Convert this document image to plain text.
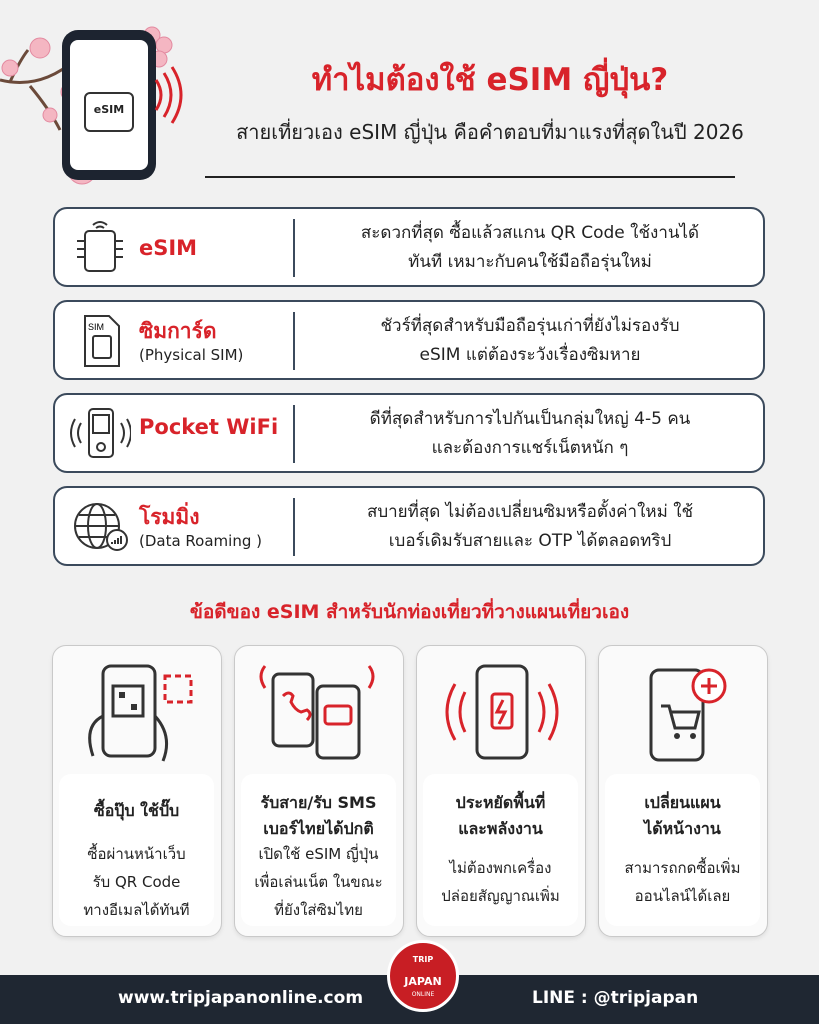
eSIM
ทำไมต้องใช้ eSIM ญี่ปุ่น?
สายเที่ยวเอง eSIM ญี่ปุ่น คือคำตอบที่มาแรงที่สุดในปี 2026
eSIM
สะดวกที่สุด ซื้อแล้วสแกน QR Code ใช้งานได้
ทันที เหมาะกับคนใช้มือถือรุ่นใหม่
SIM ซิมการ์ด
(Physical SIM)
ชัวร์ที่สุดสำหรับมือถือรุ่นเก่าที่ยังไม่รองรับ
eSIM แต่ต้องระวังเรื่องซิมหาย
Pocket WiFi	ดีที่สุดสำหรับการไปกันเป็นกลุ่มใหญ่ 4-5 คน
และต้องการแชร์เน็ตหนัก ๆ
โรมมิ่ง
(Data Roaming )
สบายที่สุด ไม่ต้องเปลี่ยนซิมหรือตั้งค่าใหม่ ใช้
เบอร์เดิมรับสายและ OTP ได้ตลอดทริป
ข้อดีของ eSIM สำหรับนักท่องเที่ยวที่วางแผนเที่ยวเอง
ซื้อปุ๊บ ใช้ปั๊บ
ซื้อผ่านหน้าเว็บ
รับ QR Code
ทางอีเมลได้ทันที
รับสาย/รับ SMS
เบอร์ไทยได้ปกติ
เปิดใช้ eSIM ญี่ปุ่น
เพื่อเล่นเน็ต ในขณะ
ที่ยังใส่ซิมไทย
ประหยัดพื้นที่
และพลังงาน
ไม่ต้องพกเครื่อง
ปล่อยสัญญาณเพิ่ม
เปลี่ยนแผน
ได้หน้างาน
สามารถกดซื้อเพิ่ม
ออนไลน์ได้เลย
www.tripjapanonline.com	LINE : @tripjapan
TRIP
JAPAN
ONLINE
